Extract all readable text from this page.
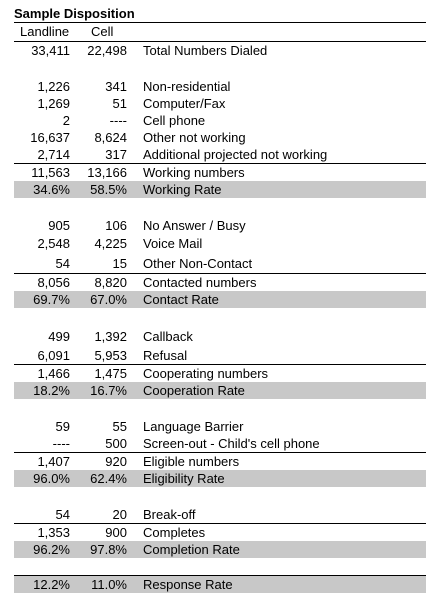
Sample Disposition
Landline Cell
33,411	22,498 Total Numbers Dialed
1,226	341 Non-residential
1,269	51 Computer/Fax
2	---- Cell phone
16,637	8,624 Other not working
2,714	317 Additional projected not working
11,563	13,166 Working numbers
34.6%	58.5% Working Rate
905	106 No Answer / Busy
2,548	4,225 Voice Mail
54	15 Other Non-Contact
8,056	8,820 Contacted numbers
69.7%	67.0% Contact Rate
499	1,392 Callback
6,091	5,953 Refusal
1,466	1,475 Cooperating numbers
18.2%	16.7% Cooperation Rate
59	55 Language Barrier
----	500 Screen-out - Child's cell phone
1,407	920 Eligible numbers
96.0%	62.4% Eligibility Rate
54	20 Break-off
1,353	900 Completes
96.2%	97.8% Completion Rate
12.2%	11.0% Response Rate
